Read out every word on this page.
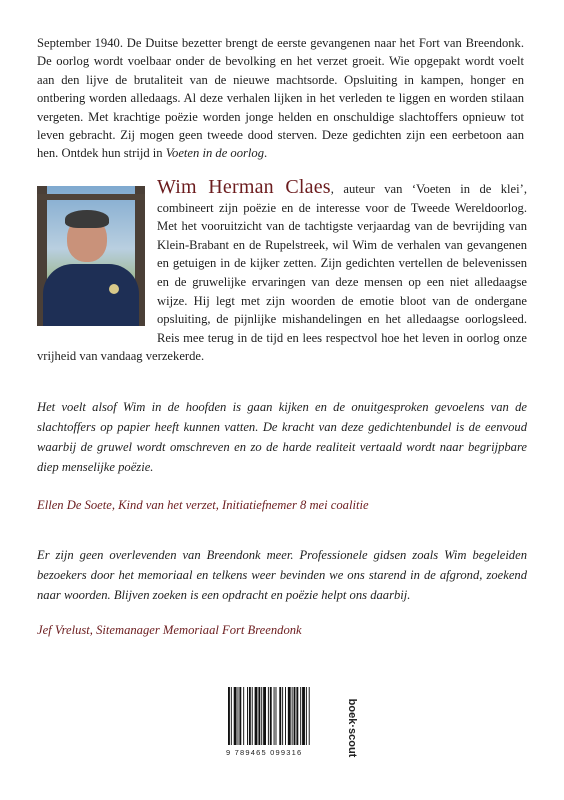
September 1940. De Duitse bezetter brengt de eerste gevangenen naar het Fort van Breendonk. De oorlog wordt voelbaar onder de bevolking en het verzet groeit. Wie opgepakt wordt voelt aan den lijve de brutaliteit van de nieuwe machtsorde. Opsluiting in kampen, honger en ontbering worden alledaags. Al deze verhalen lijken in het verleden te liggen en worden stilaan vergeten. Met krachtige poëzie worden jonge helden en onschuldige slachtoffers opnieuw tot leven gebracht. Zij mogen geen tweede dood sterven. Deze gedichten zijn een eerbetoon aan hen. Ontdek hun strijd in Voeten in de oorlog.

Wim Herman Claes, auteur van ‘Voeten in de klei’, combineert zijn poëzie en de interesse voor de Tweede Wereldoorlog. Met het vooruitzicht van de tachtigste verjaardag van de bevrijding van Klein-Brabant en de Rupelstreek, wil Wim de verhalen van gevangenen en getuigen in de kijker zetten. Zijn gedichten vertellen de belevenissen en de gruwelijke ervaringen van deze mensen op een niet alledaagse wijze. Hij legt met zijn woorden de emotie bloot van de ondergane opsluiting, de pijnlijke mishandelingen en het alledaagse oorlogsleed. Reis mee terug in de tijd en lees respectvol hoe het leven in oorlog onze vrijheid van vandaag verzekerde.

Het voelt alsof Wim in de hoofden is gaan kijken en de onuitgesproken gevoelens van de slachtoffers op papier heeft kunnen vatten. De kracht van deze gedichtenbundel is de eenvoud waarbij de gruwel wordt omschreven en zo de harde realiteit vertaald wordt naar begrijpbare diep menselijke poëzie.

Ellen De Soete, Kind van het verzet, Initiatiefnemer 8 mei coalitie

Er zijn geen overlevenden van Breendonk meer. Professionele gidsen zoals Wim begeleiden bezoekers door het memoriaal en telkens weer bevinden we ons starend in de afgrond, zoekend naar woorden. Blijven zoeken is een opdracht en poëzie helpt ons daarbij.

Jef Vrelust, Sitemanager Memoriaal Fort Breendonk

9 789465 099316	boek·scout
